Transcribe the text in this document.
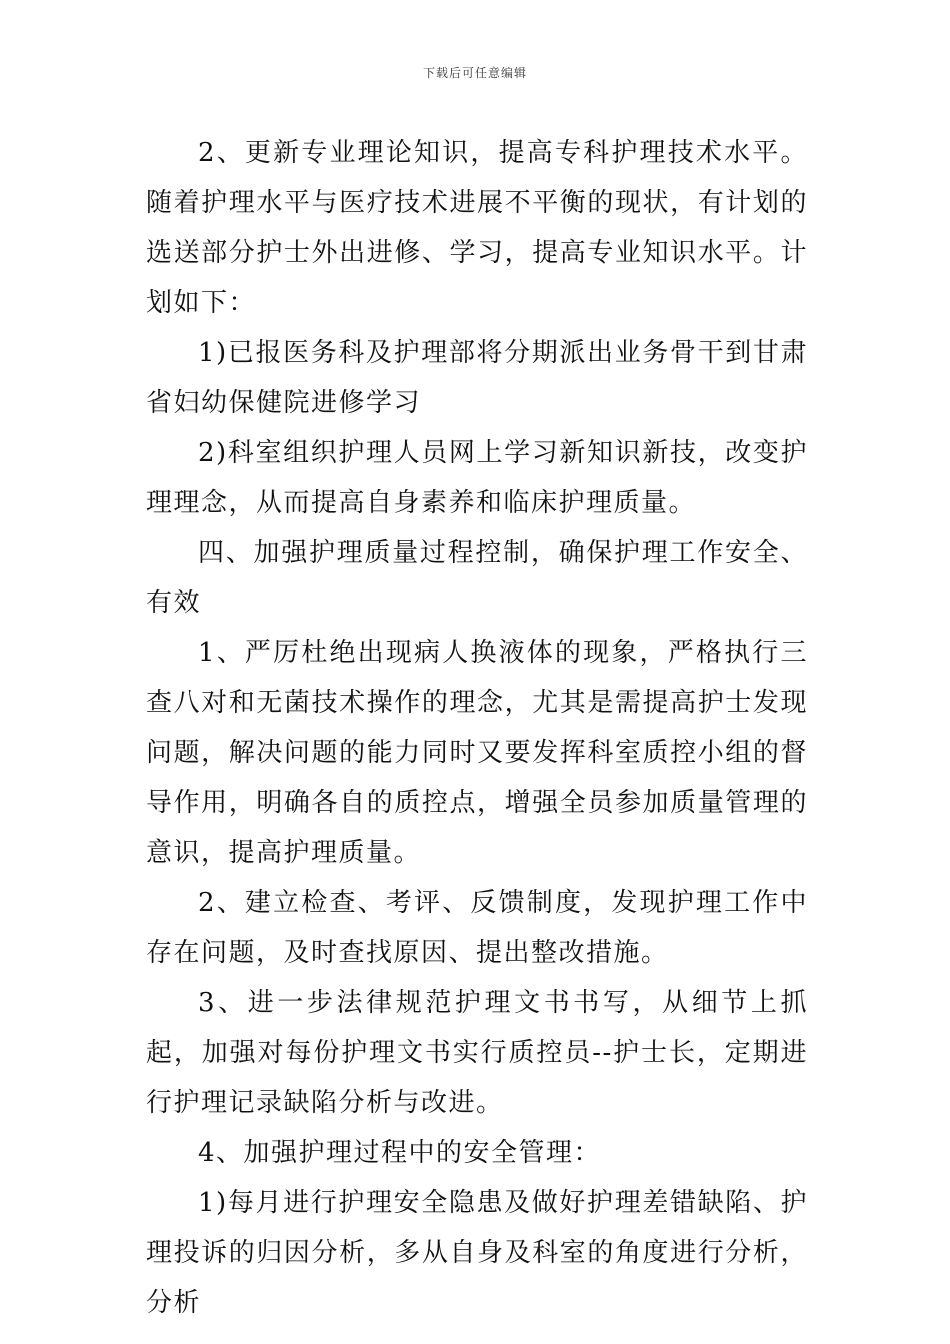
下载后可任意编辑

2、更新专业理论知识，提高专科护理技术水平。随着护理水平与医疗技术进展不平衡的现状，有计划的选送部分护士外出进修、学习，提高专业知识水平。计划如下：

1)已报医务科及护理部将分期派出业务骨干到甘肃省妇幼保健院进修学习

2)科室组织护理人员网上学习新知识新技，改变护理理念，从而提高自身素养和临床护理质量。

四、加强护理质量过程控制，确保护理工作安全、有效

1、严厉杜绝出现病人换液体的现象，严格执行三查八对和无菌技术操作的理念，尤其是需提高护士发现问题，解决问题的能力同时又要发挥科室质控小组的督导作用，明确各自的质控点，增强全员参加质量管理的意识，提高护理质量。

2、建立检查、考评、反馈制度，发现护理工作中存在问题，及时查找原因、提出整改措施。

3、进一步法律规范护理文书书写，从细节上抓起，加强对每份护理文书实行质控员--护士长，定期进行护理记录缺陷分析与改进。

4、加强护理过程中的安全管理：

1)每月进行护理安全隐患及做好护理差错缺陷、护理投诉的归因分析，多从自身及科室的角度进行分析，分析
